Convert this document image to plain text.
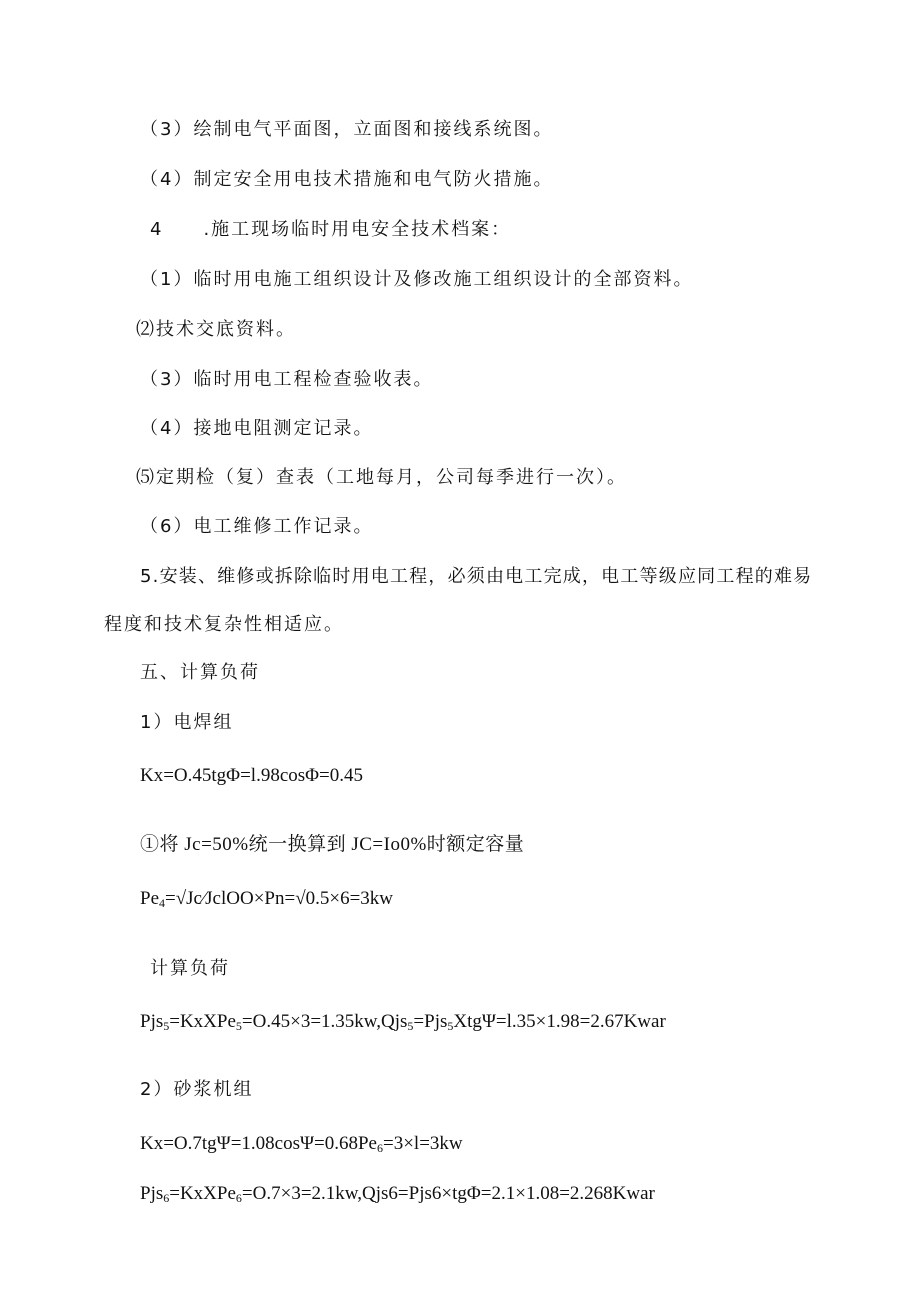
（3）绘制电气平面图，立面图和接线系统图。
（4）制定安全用电技术措施和电气防火措施。
4 .施工现场临时用电安全技术档案：
（1）临时用电施工组织设计及修改施工组织设计的全部资料。
⑵技术交底资料。
（3）临时用电工程检查验收表。
（4）接地电阻测定记录。
⑸定期检（复）查表（工地每月，公司每季进行一次）。
（6）电工维修工作记录。
5.安装、维修或拆除临时用电工程，必须由电工完成，电工等级应同工程的难易
程度和技术复杂性相适应。
五、计算负荷
1）电焊组
Kx=O.45tgΦ=l.98cosΦ=0.45
①将 Jc=50%统一换算到 JC=Io0%时额定容量
$Pe_4=√Jc∕JclOO\times Pn=√0.5\times 6=3kw$
计算负荷
Pjs$_5$=KxXPe$_5$=O.45×3=1.35kw,Qjs$_5$=Pjs$_5$XtgΨ=l.35×1.98=2.67Kwar
2）砂浆机组
$Kx=O.7tg\Psi=1.08\cos\Psi=0.68Pe_6=3\times l=3kw$
Pjs$_6$=KxXPe$_6$=O.7×3=2.1kw,Qjs6=Pjs6×tgΦ=2.1×1.08=2.268Kwar
